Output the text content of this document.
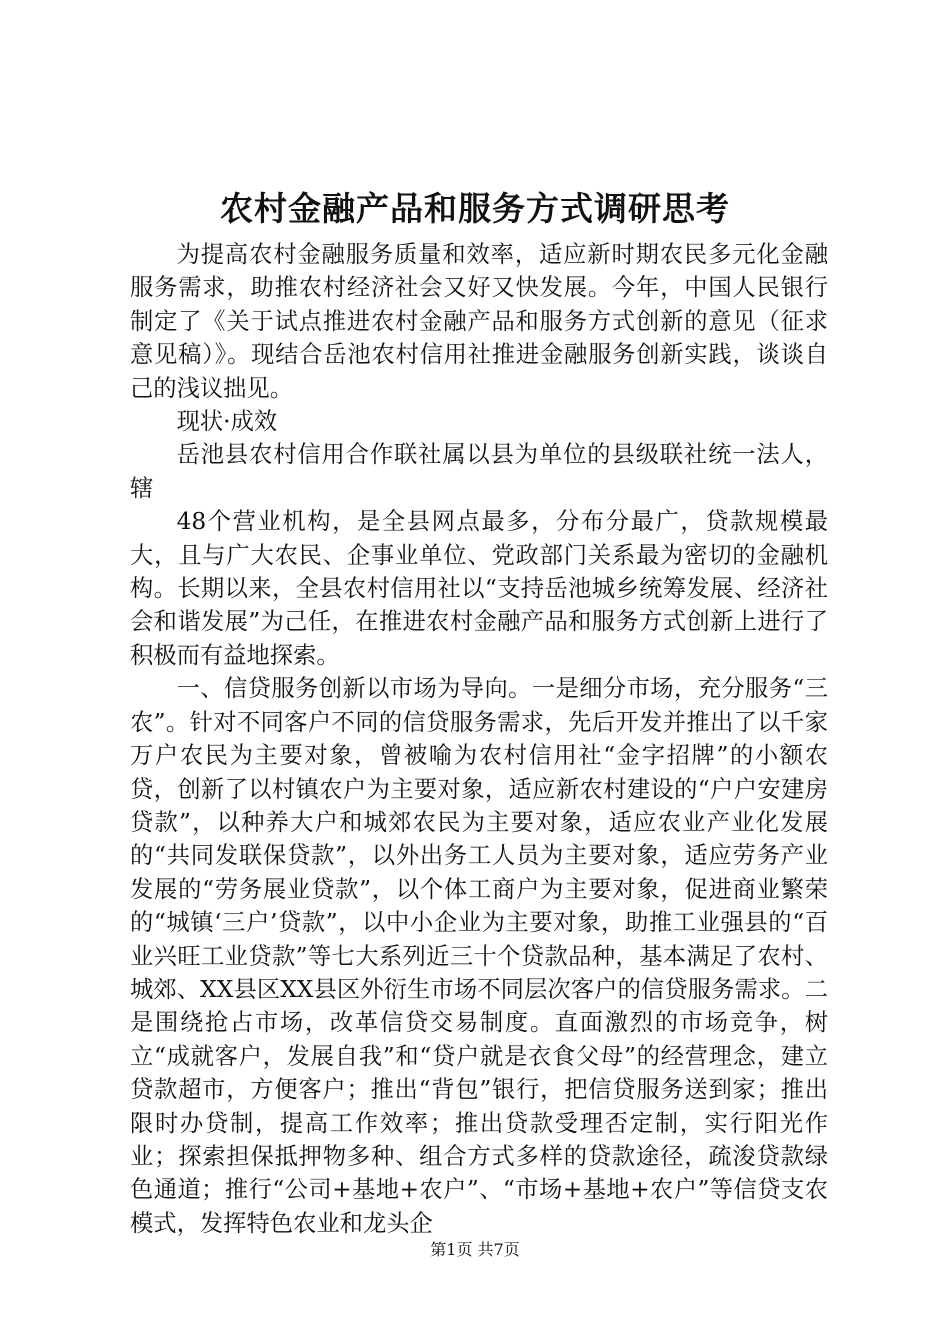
农村金融产品和服务方式调研思考

为提高农村金融服务质量和效率，适应新时期农民多元化金融服务需求，助推农村经济社会又好又快发展。今年，中国人民银行制定了《关于试点推进农村金融产品和服务方式创新的意见（征求意见稿）》。现结合岳池农村信用社推进金融服务创新实践，谈谈自己的浅议拙见。

现状·成效

岳池县农村信用合作联社属以县为单位的县级联社统一法人，辖

48个营业机构，是全县网点最多，分布分最广，贷款规模最大，且与广大农民、企事业单位、党政部门关系最为密切的金融机构。长期以来，全县农村信用社以“支持岳池城乡统筹发展、经济社会和谐发展”为己任，在推进农村金融产品和服务方式创新上进行了积极而有益地探索。

一、信贷服务创新以市场为导向。一是细分市场，充分服务“三农”。针对不同客户不同的信贷服务需求，先后开发并推出了以千家万户农民为主要对象，曾被喻为农村信用社“金字招牌”的小额农贷，创新了以村镇农户为主要对象，适应新农村建设的“户户安建房贷款”，以种养大户和城郊农民为主要对象，适应农业产业化发展的“共同发联保贷款”，以外出务工人员为主要对象，适应劳务产业发展的“劳务展业贷款”，以个体工商户为主要对象，促进商业繁荣的“城镇‘三户’贷款”，以中小企业为主要对象，助推工业强县的“百业兴旺工业贷款”等七大系列近三十个贷款品种，基本满足了农村、城郊、XX县区XX县区外衍生市场不同层次客户的信贷服务需求。二是围绕抢占市场，改革信贷交易制度。直面激烈的市场竞争，树立“成就客户，发展自我”和“贷户就是衣食父母”的经营理念，建立贷款超市，方便客户；推出“背包”银行，把信贷服务送到家；推出限时办贷制，提高工作效率；推出贷款受理否定制，实行阳光作业；探索担保抵押物多种、组合方式多样的贷款途径，疏浚贷款绿色通道；推行“公司+基地+农户”、“市场+基地+农户”等信贷支农模式，发挥特色农业和龙头企

第1页 共7页
